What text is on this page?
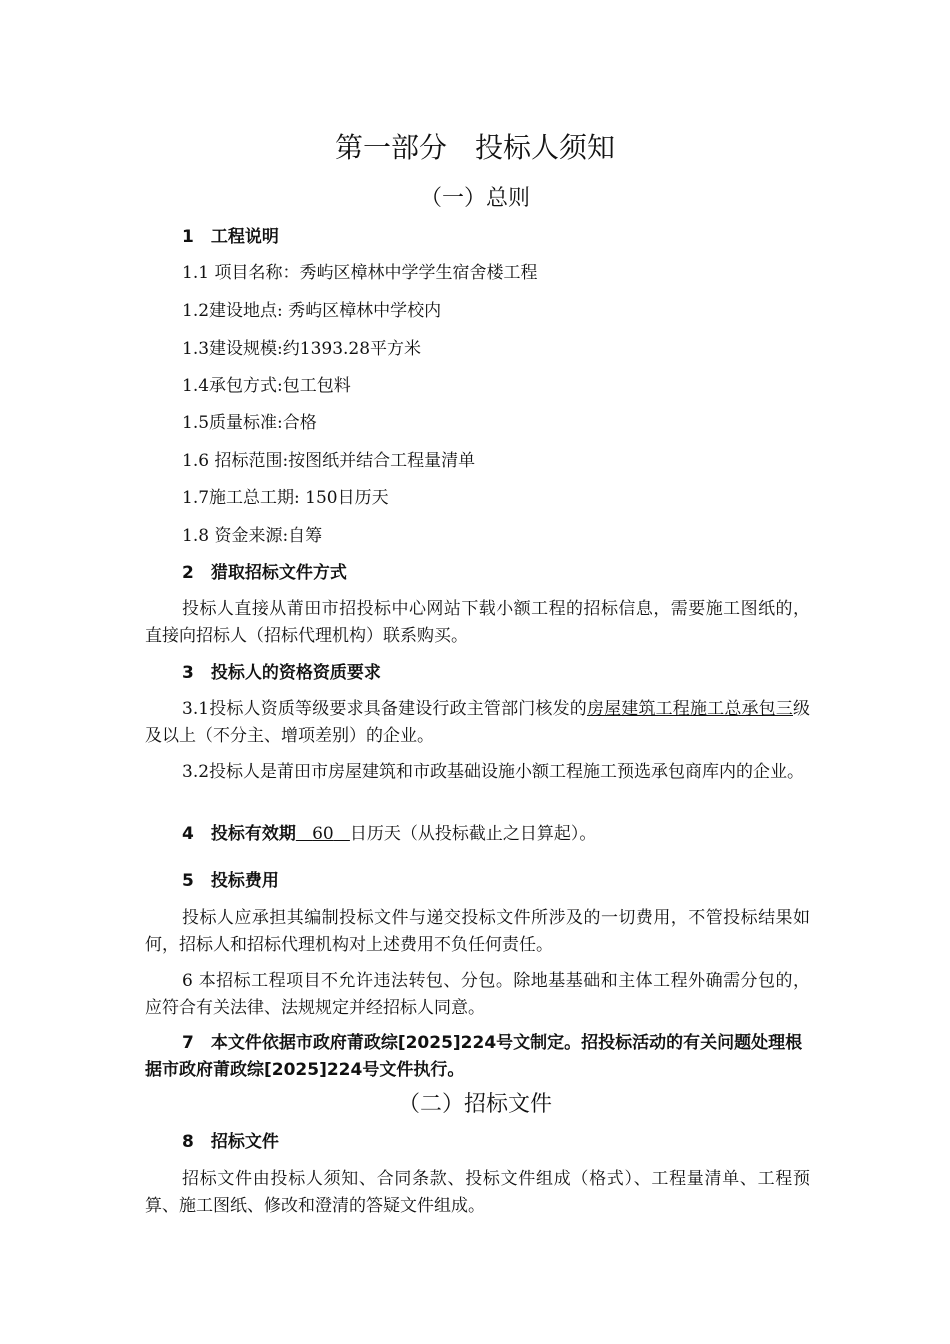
第一部分　投标人须知
（一）总则
1　工程说明
1.1 项目名称：秀屿区樟林中学学生宿舍楼工程
1.2建设地点: 秀屿区樟林中学校内
1.3建设规模:约1393.28平方米
1.4承包方式:包工包料
1.5质量标准:合格
1.6 招标范围:按图纸并结合工程量清单
1.7施工总工期: 150日历天
1.8 资金来源:自筹
2　猎取招标文件方式
投标人直接从莆田市招投标中心网站下载小额工程的招标信息，需要施工图纸的，直接向招标人（招标代理机构）联系购买。
3　投标人的资格资质要求
3.1投标人资质等级要求具备建设行政主管部门核发的房屋建筑工程施工总承包三级及以上（不分主、增项差别）的企业。
3.2投标人是莆田市房屋建筑和市政基础设施小额工程施工预选承包商库内的企业。
4　投标有效期 60 日历天（从投标截止之日算起）。
5　投标费用
投标人应承担其编制投标文件与递交投标文件所涉及的一切费用，不管投标结果如何，招标人和招标代理机构对上述费用不负任何责任。
6 本招标工程项目不允许违法转包、分包。除地基基础和主体工程外确需分包的，应符合有关法律、法规规定并经招标人同意。
7　本文件依据市政府莆政综[2025]224号文制定。招投标活动的有关问题处理根据市政府莆政综[2025]224号文件执行。
（二）招标文件
8　招标文件
招标文件由投标人须知、合同条款、投标文件组成（格式）、工程量清单、工程预算、施工图纸、修改和澄清的答疑文件组成。
